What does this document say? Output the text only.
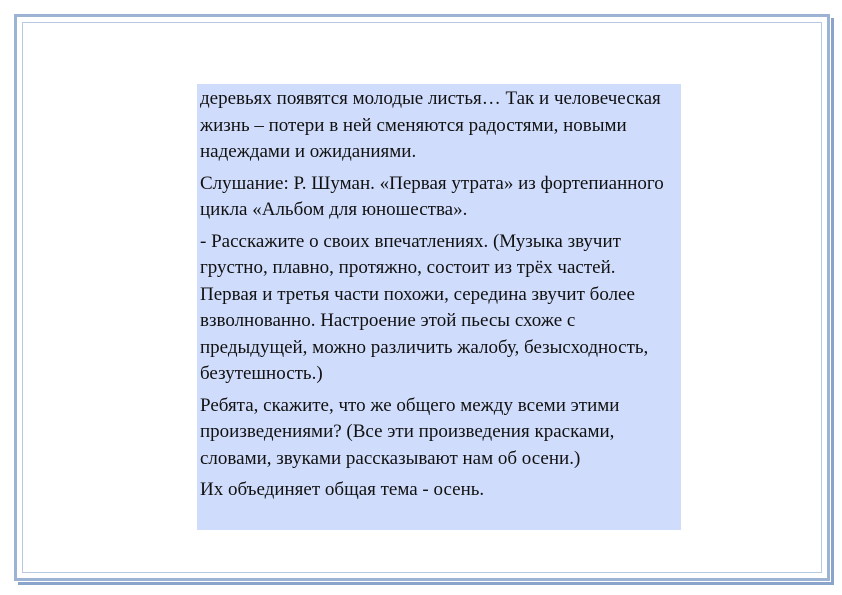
деревьях появятся молодые листья… Так и человеческая жизнь – потери в ней сменяются радостями, новыми надеждами и ожиданиями.

Слушание: Р. Шуман. «Первая утрата» из фортепианного цикла «Альбом для юношества».

- Расскажите о своих впечатлениях. (Музыка звучит грустно, плавно, протяжно, состоит из трёх частей. Первая и третья части похожи, середина звучит более взволнованно. Настроение этой пьесы схоже с предыдущей, можно различить жалобу, безысходность, безутешность.)

Ребята, скажите, что же общего между всеми этими произведениями? (Все эти произведения красками, словами, звуками рассказывают нам об осени.)

Их объединяет общая тема - осень.
